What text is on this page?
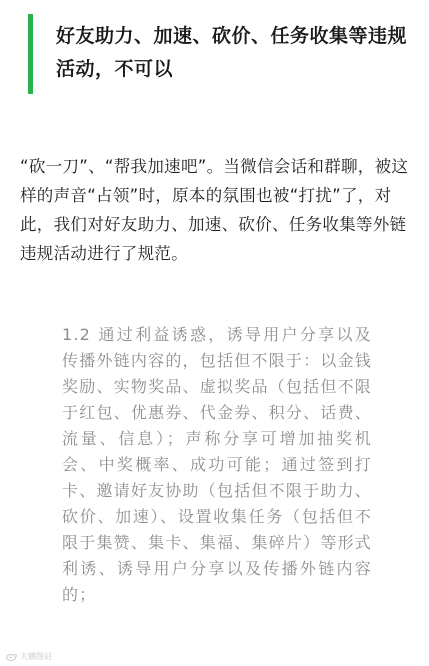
好友助力、加速、砍价、任务收集等违规活动，不可以

“砍一刀”、“帮我加速吧”。当微信会话和群聊，被这样的声音“占领”时，原本的氛围也被“打扰”了，对此，我们对好友助力、加速、砍价、任务收集等外链违规活动进行了规范。

1.2 通过利益诱惑，诱导用户分享以及传播外链内容的，包括但不限于：以金钱奖励、实物奖品、虚拟奖品（包括但不限于红包、优惠券、代金券、积分、话费、流量、信息）；声称分享可增加抽奖机会、中奖概率、成功可能；通过签到打卡、邀请好友协助（包括但不限于助力、砍价、加速）、设置收集任务（包括但不限于集赞、集卡、集福、集碎片）等形式利诱、诱导用户分享以及传播外链内容的；

大鹏图站
